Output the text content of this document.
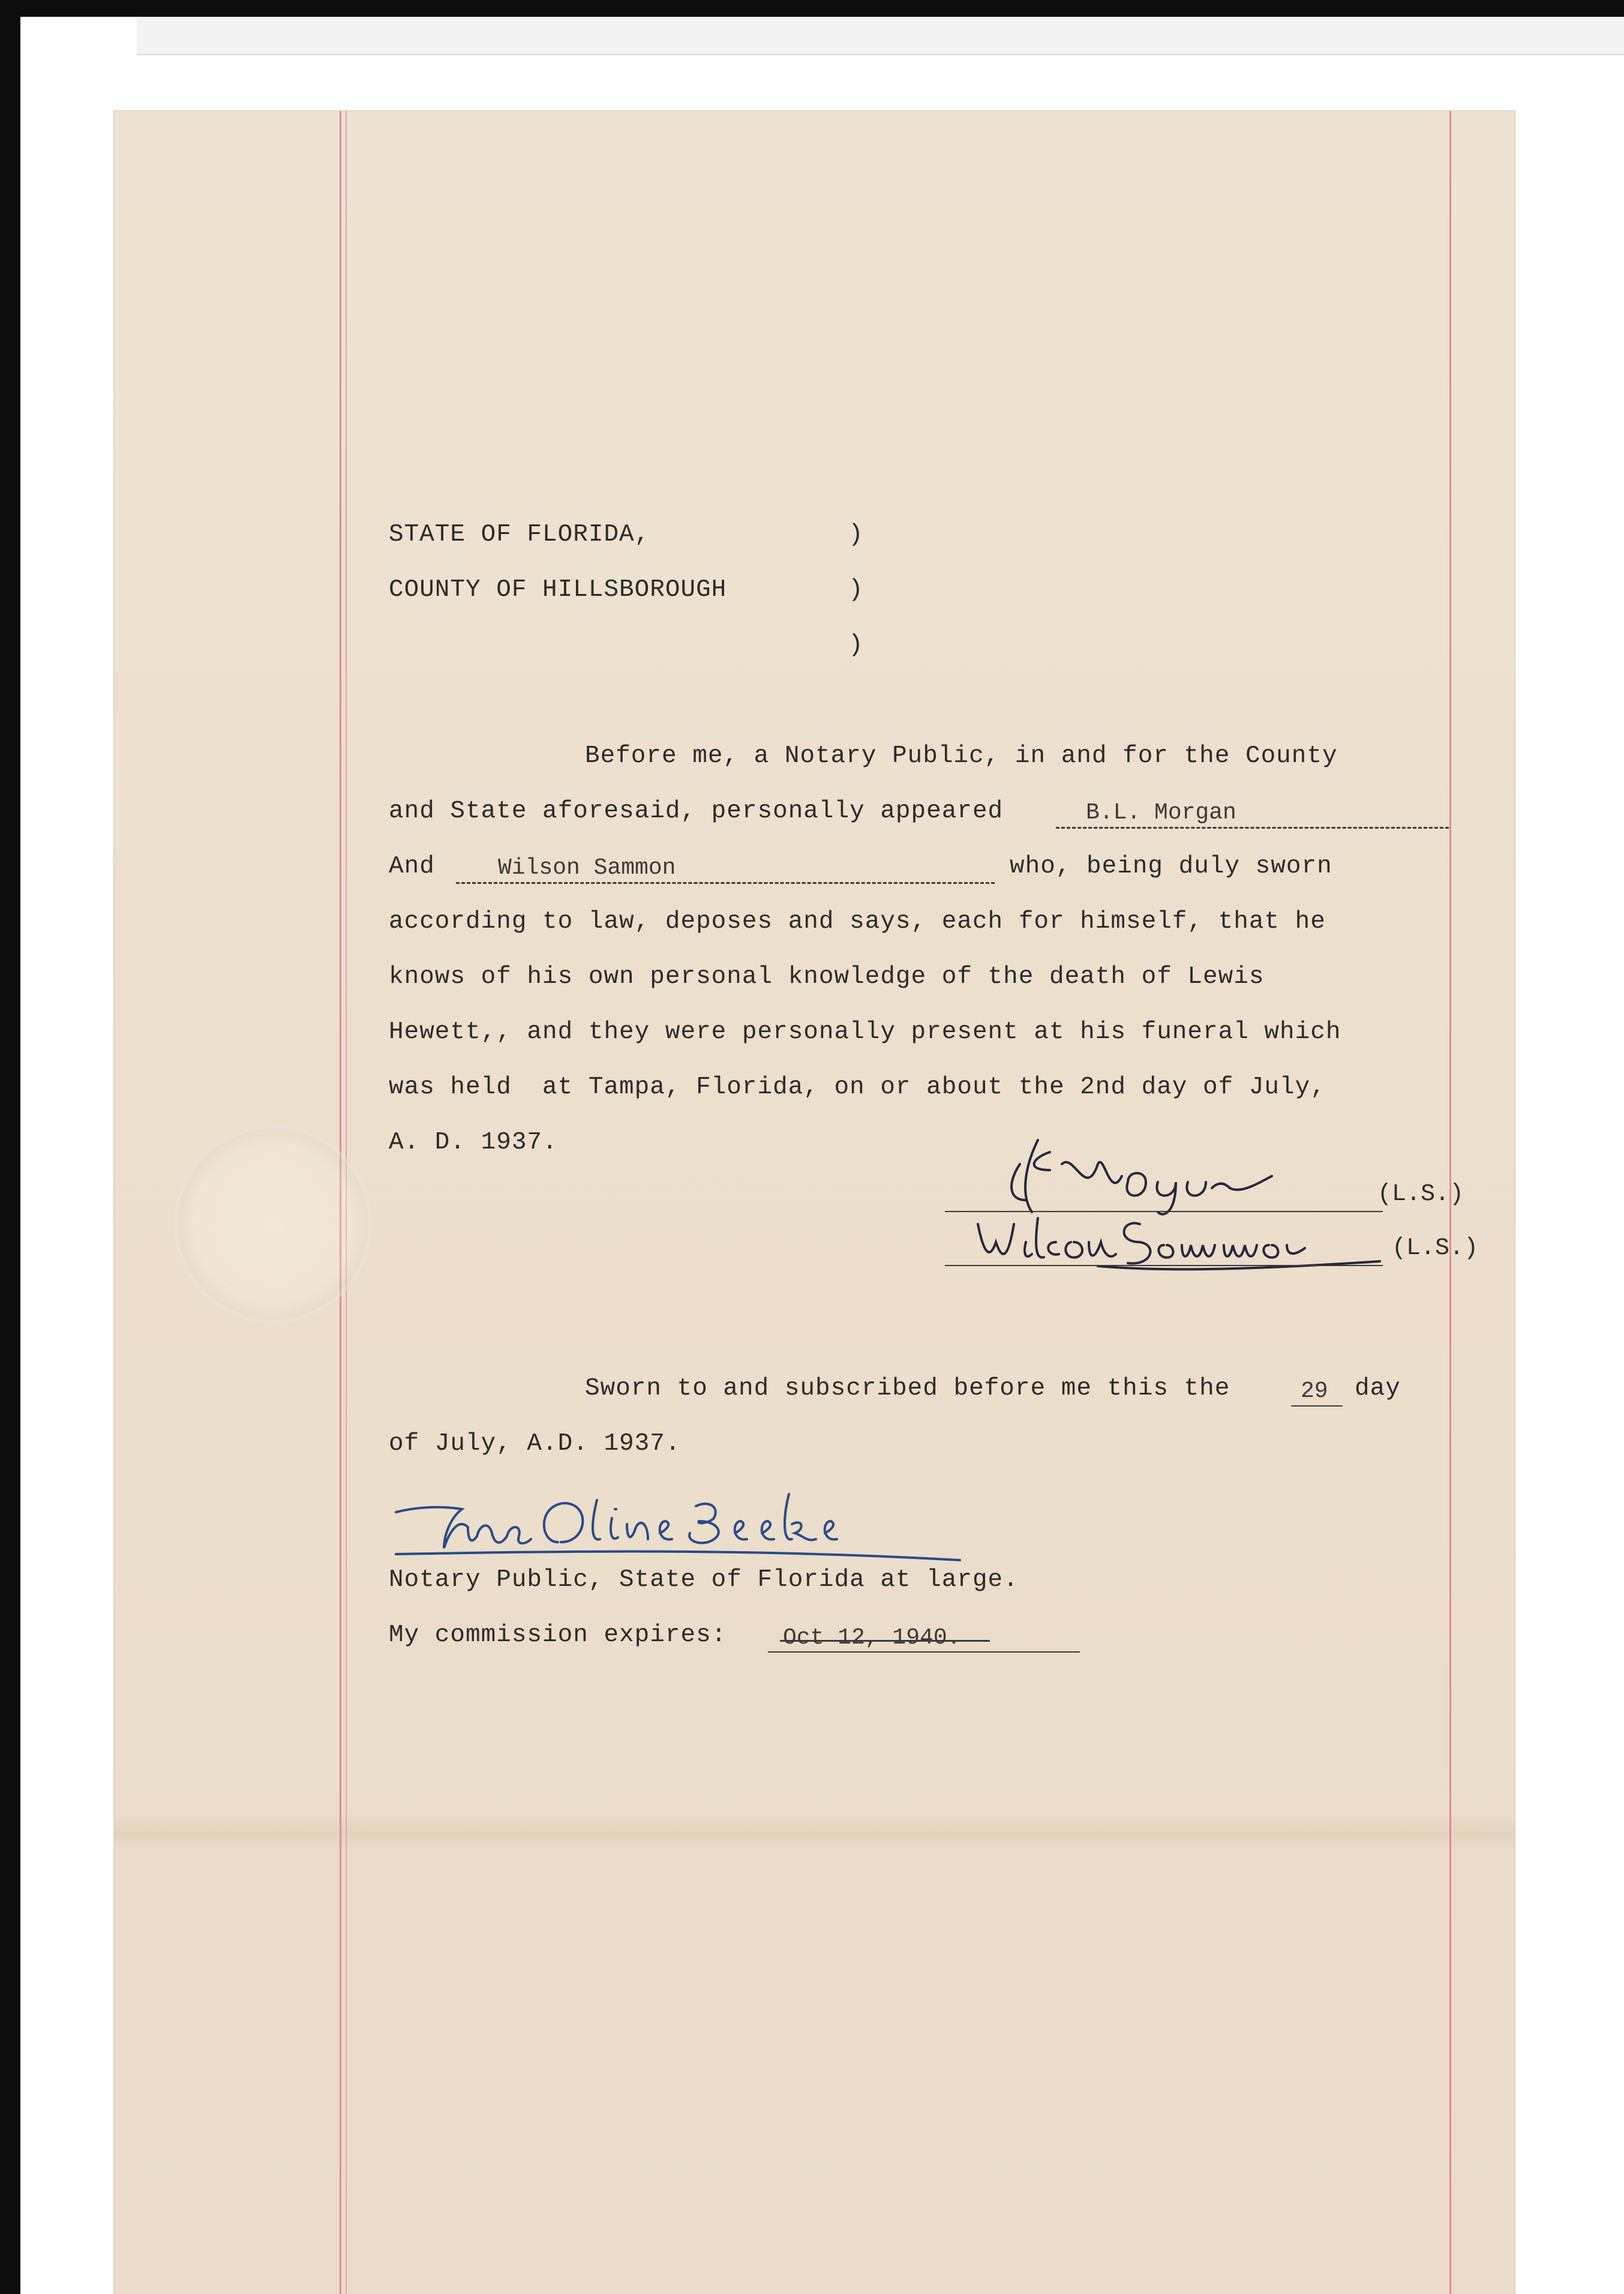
STATE OF FLORIDA,	)
COUNTY OF HILLSBOROUGH	)
)
Before me, a Notary Public, in and for the County
and State aforesaid, personally appeared	B.L. Morgan
And	Wilson Sammon	who, being duly sworn
according to law, deposes and says, each for himself, that he
knows of his own personal knowledge of the death of Lewis
Hewett,, and they were personally present at his funeral which
was held  at Tampa, Florida, on or about the 2nd day of July,
A. D. 1937.
(L.S.)
(L.S.)
Sworn to and subscribed before me this the	29 day
of July, A.D. 1937.
Notary Public, State of Florida at large.
My commission expires: Oct 12, 1940.
